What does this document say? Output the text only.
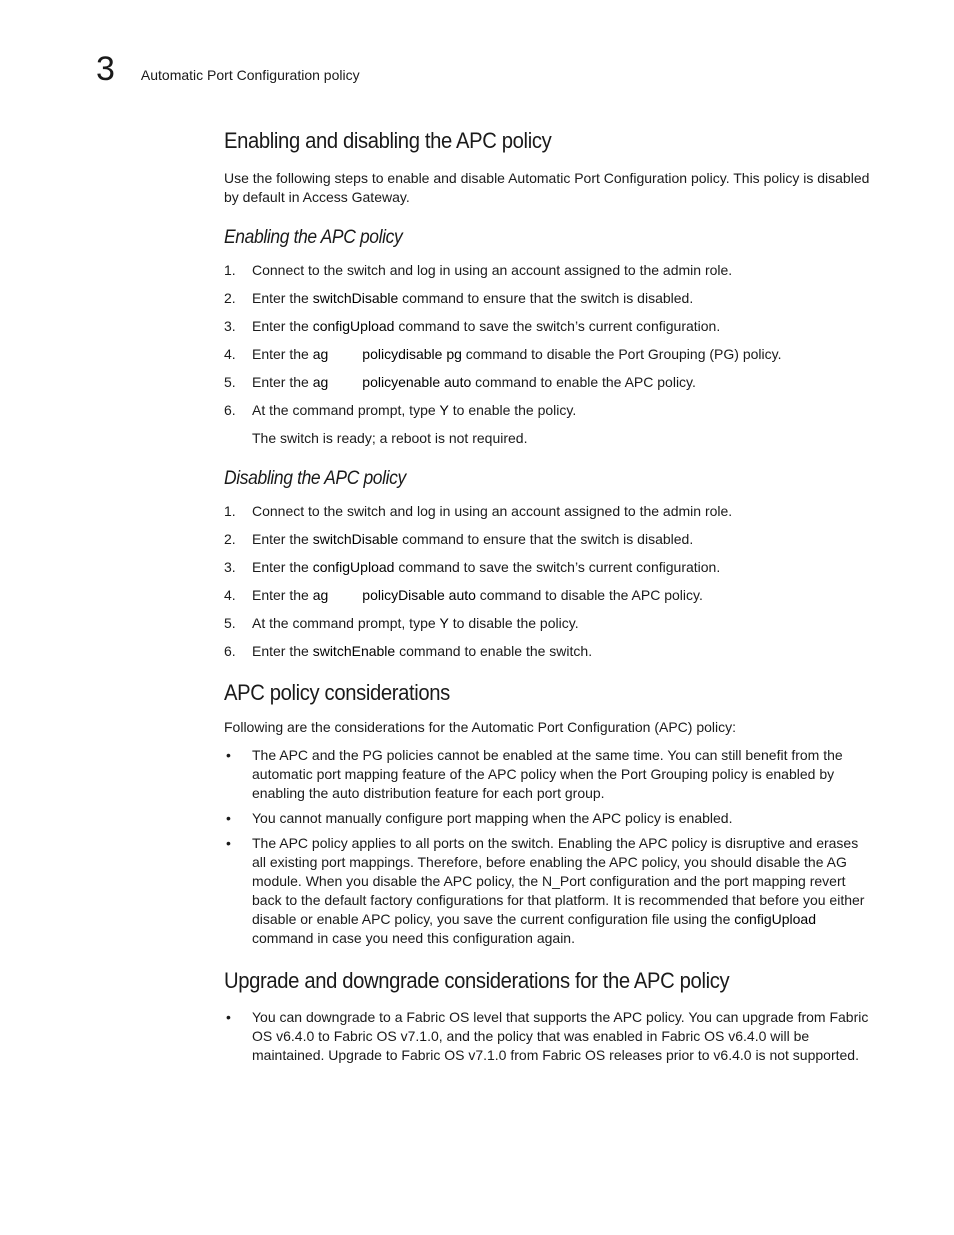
3 Automatic Port Configuration policy
Enabling and disabling the APC policy

Use the following steps to enable and disable Automatic Port Configuration policy. This policy is disabled by default in Access Gateway.

Enabling the APC policy
1. Connect to the switch and log in using an account assigned to the admin role.
2. Enter the switchDisable command to ensure that the switch is disabled.
3. Enter the configUpload command to save the switch’s current configuration.
4. Enter the ag policydisable pg command to disable the Port Grouping (PG) policy.
5. Enter the ag policyenable auto command to enable the APC policy.
6. At the command prompt, type Y to enable the policy.

The switch is ready; a reboot is not required.

Disabling the APC policy
1. Connect to the switch and log in using an account assigned to the admin role.
2. Enter the switchDisable command to ensure that the switch is disabled.
3. Enter the configUpload command to save the switch’s current configuration.
4. Enter the ag policyDisable auto command to disable the APC policy.
5. At the command prompt, type Y to disable the policy.
6. Enter the switchEnable command to enable the switch.
APC policy considerations

Following are the considerations for the Automatic Port Configuration (APC) policy:

• The APC and the PG policies cannot be enabled at the same time. You can still benefit from the automatic port mapping feature of the APC policy when the Port Grouping policy is enabled by enabling the auto distribution feature for each port group.
• You cannot manually configure port mapping when the APC policy is enabled.
• The APC policy applies to all ports on the switch. Enabling the APC policy is disruptive and erases all existing port mappings. Therefore, before enabling the APC policy, you should disable the AG module. When you disable the APC policy, the N_Port configuration and the port mapping revert back to the default factory configurations for that platform. It is recommended that before you either disable or enable APC policy, you save the current configuration file using the configUpload command in case you need this configuration again.
Upgrade and downgrade considerations for the APC policy
• You can downgrade to a Fabric OS level that supports the APC policy. You can upgrade from Fabric OS v6.4.0 to Fabric OS v7.1.0, and the policy that was enabled in Fabric OS v6.4.0 will be maintained. Upgrade to Fabric OS v7.1.0 from Fabric OS releases prior to v6.4.0 is not supported.
